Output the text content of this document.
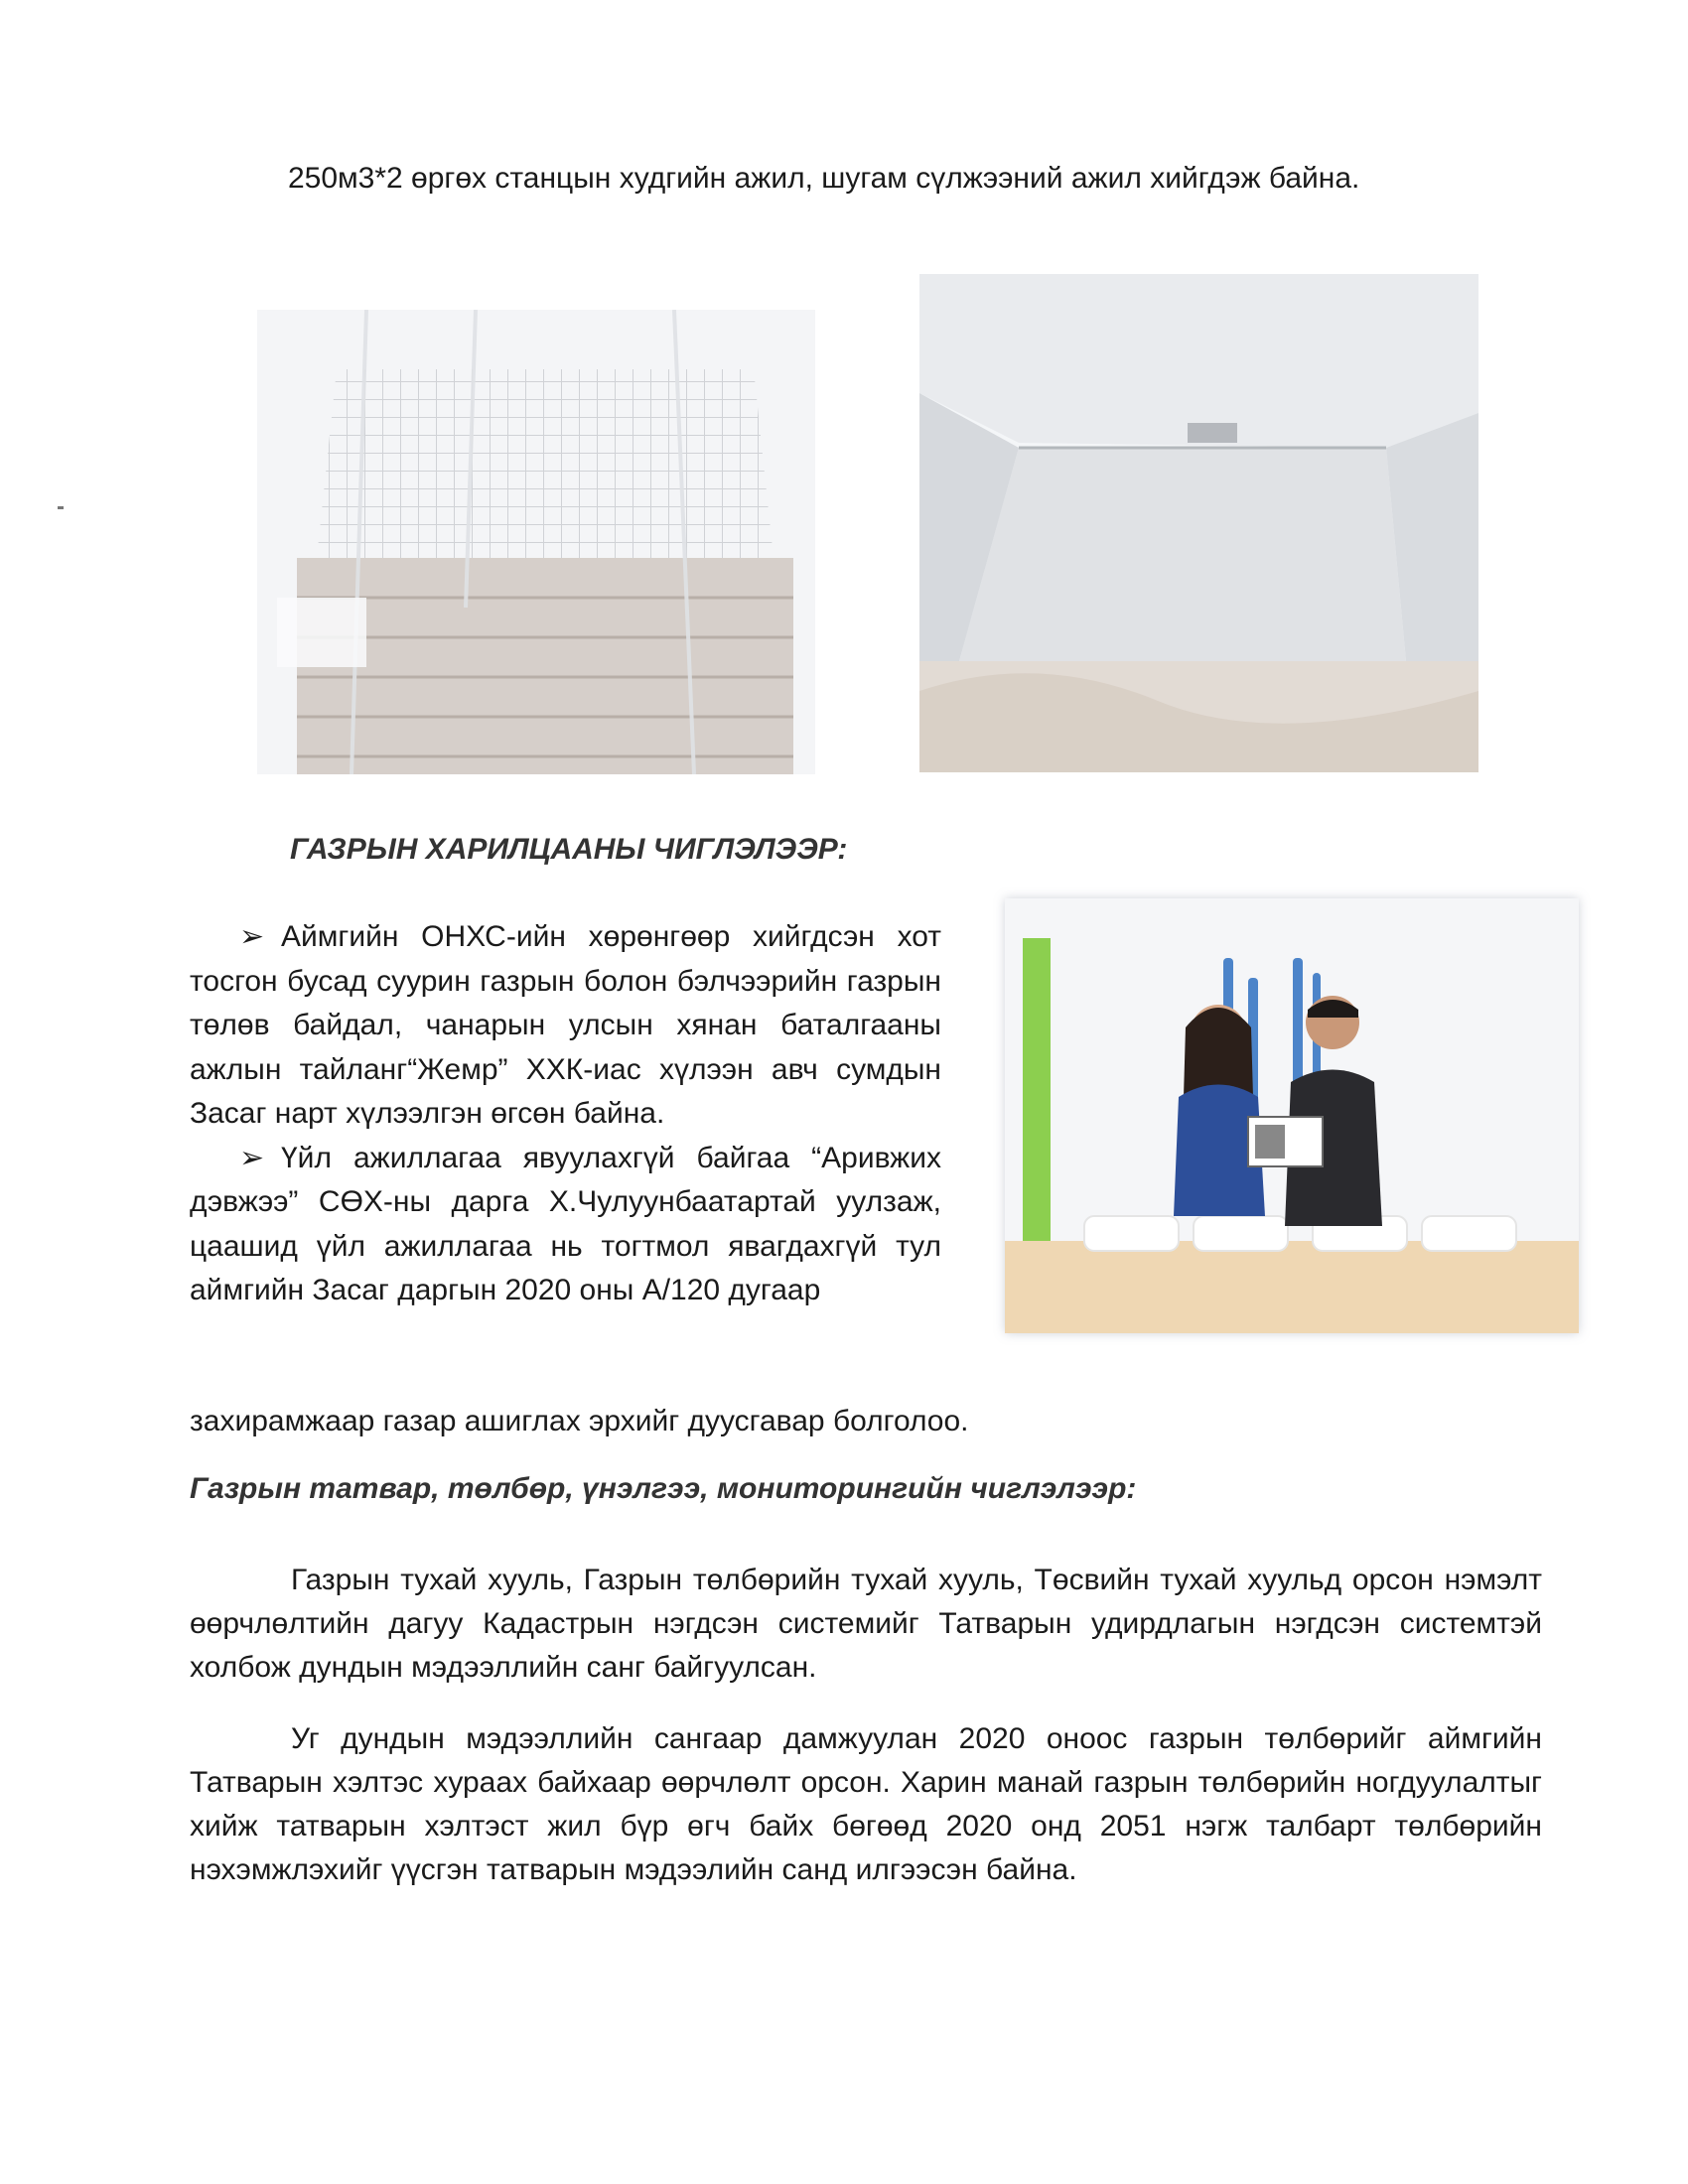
250м3*2 өргөх станцын худгийн ажил, шугам сүлжээний ажил хийгдэж байна.
ГАЗРЫН ХАРИЛЦААНЫ ЧИГЛЭЛЭЭР:

➢ Аймгийн ОНХС-ийн хөрөнгөөр хийгдсэн хот тосгон бусад суурин газрын болон бэлчээрийн газрын төлөв байдал, чанарын улсын хянан баталгааны ажлын тайланг“Жемр” ХХК-иас хүлээн авч сумдын Засаг нарт хүлээлгэн өгсөн байна.

➢ Үйл ажиллагаа явуулахгүй байгаа “Аривжих дэвжээ” СӨХ-ны дарга Х.Чулуунбаатартай уулзаж, цаашид үйл ажиллагаа нь тогтмол явагдахгүй тул аймгийн Засаг даргын 2020 оны А/120 дугаар

захирамжаар газар ашиглах эрхийг дуусгавар болголоо.
Газрын татвар, төлбөр, үнэлгээ, мониторингийн чиглэлээр:

Газрын тухай хууль, Газрын төлбөрийн тухай хууль, Төсвийн тухай хуульд орсон нэмэлт өөрчлөлтийн дагуу Кадастрын нэгдсэн системийг Татварын удирдлагын нэгдсэн системтэй холбож дундын мэдээллийн санг байгуулсан.

Уг дундын мэдээллийн сангаар дамжуулан 2020 оноос газрын төлбөрийг аймгийн Татварын хэлтэс хураах байхаар өөрчлөлт орсон. Харин манай газрын төлбөрийн ногдуулалтыг хийж татварын хэлтэст жил бүр өгч байх бөгөөд 2020 онд 2051 нэгж талбарт төлбөрийн нэхэмжлэхийг үүсгэн татварын мэдээлийн санд илгээсэн байна.
